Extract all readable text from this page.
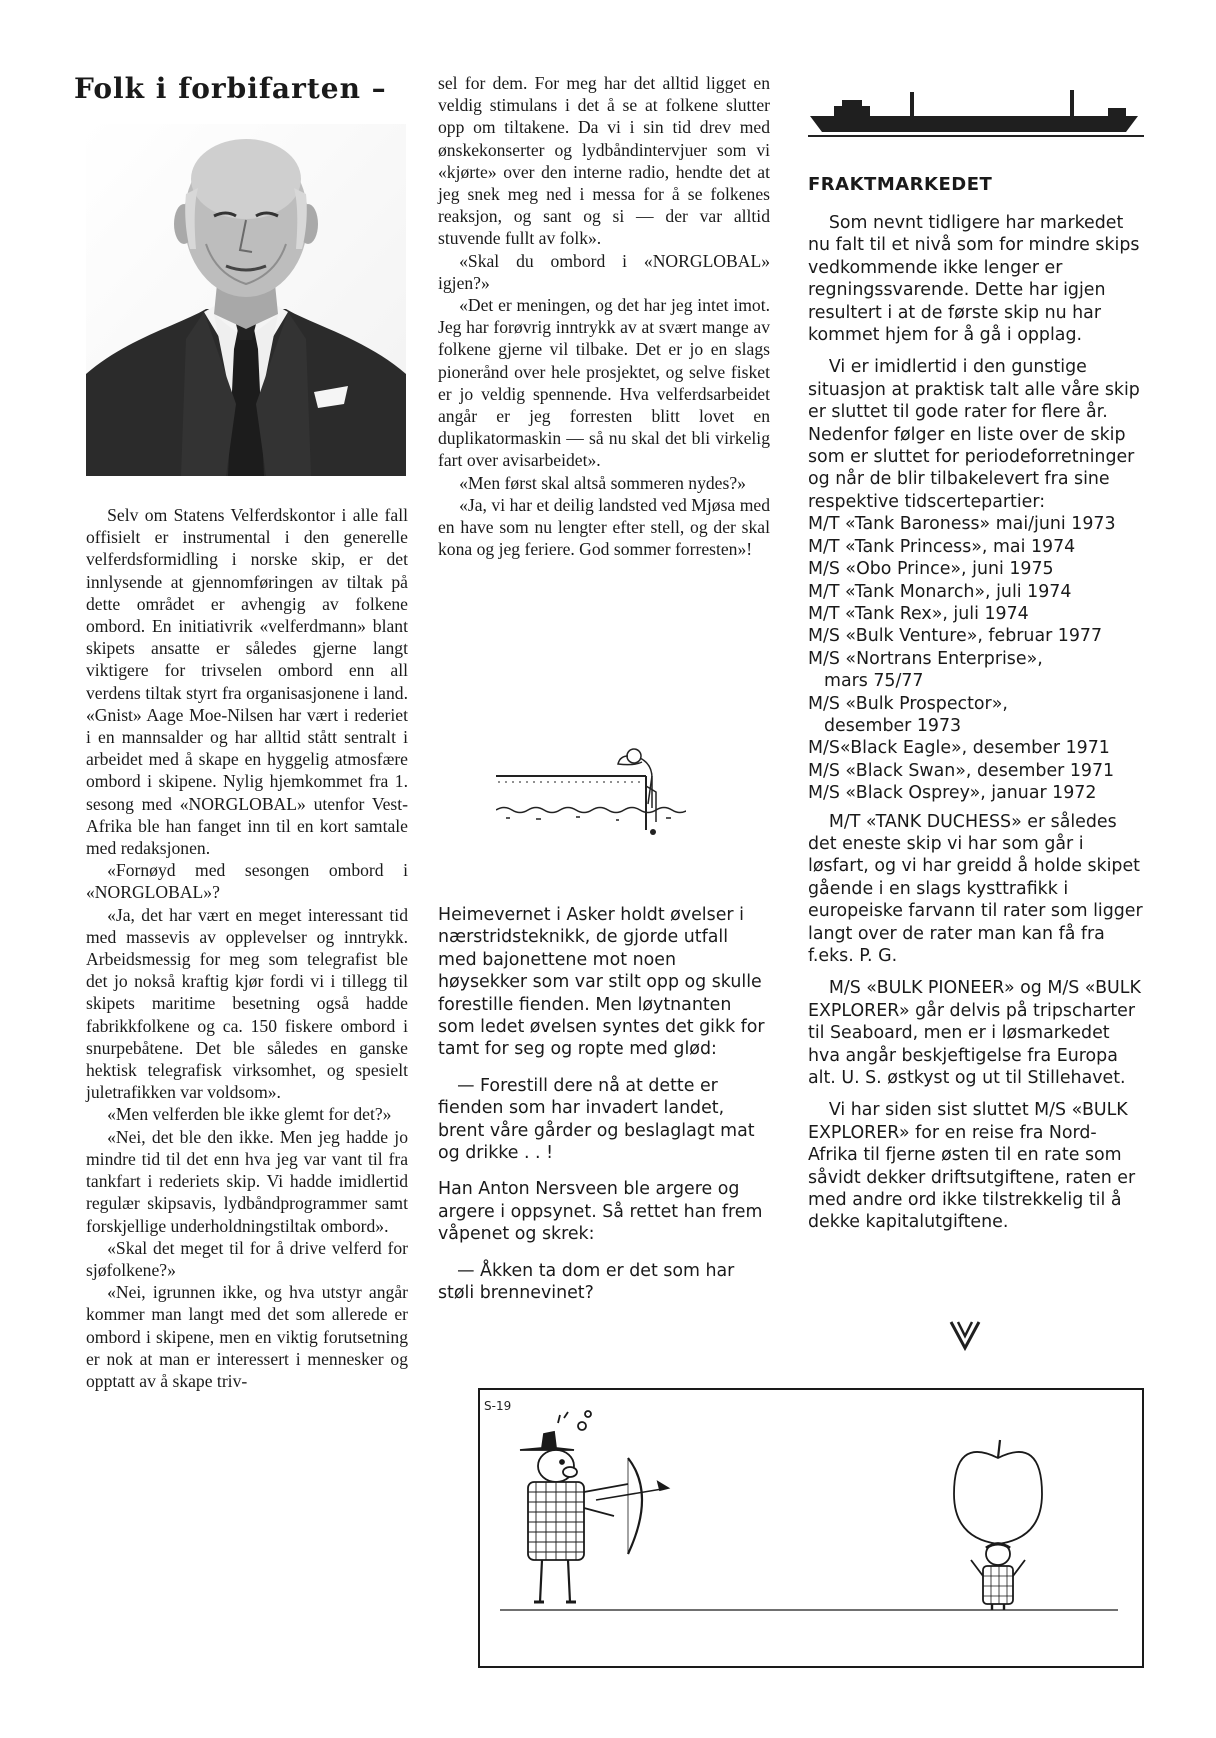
Folk i forbifarten –

Selv om Statens Velferdskontor i alle fall offisielt er instrumental i den generelle velferdsformidling i norske skip, er det innlysende at gjennomføringen av tiltak på dette området er avhengig av folkene ombord. En initiativrik «velferdmann» blant skipets ansatte er således gjerne langt viktigere for trivselen ombord enn all verdens tiltak styrt fra organisasjonene i land. «Gnist» Aage Moe-Nilsen har vært i rederiet i en mannsalder og har alltid stått sentralt i arbeidet med å skape en hyggelig atmosfære ombord i skipene. Nylig hjemkommet fra 1. sesong med «NORGLOBAL» utenfor Vest-Afrika ble han fanget inn til en kort samtale med redaksjonen.

«Fornøyd med sesongen ombord i «NORGLOBAL»?

«Ja, det har vært en meget interessant tid med massevis av opplevelser og inntrykk. Arbeidsmessig for meg som telegrafist ble det jo nokså kraftig kjør fordi vi i tillegg til skipets maritime besetning også hadde fabrikkfolkene og ca. 150 fiskere ombord i snurpebåtene. Det ble således en ganske hektisk telegrafisk virksomhet, og spesielt juletrafikken var voldsom».

«Men velferden ble ikke glemt for det?»

«Nei, det ble den ikke. Men jeg hadde jo mindre tid til det enn hva jeg var vant til fra tankfart i rederiets skip. Vi hadde imidlertid regulær skipsavis, lydbåndprogrammer samt forskjellige underholdningstiltak ombord».

«Skal det meget til for å drive velferd for sjøfolkene?»

«Nei, igrunnen ikke, og hva utstyr angår kommer man langt med det som allerede er ombord i skipene, men en viktig forutsetning er nok at man er interessert i mennesker og opptatt av å skape triv-

sel for dem. For meg har det alltid ligget en veldig stimulans i det å se at folkene slutter opp om tiltakene. Da vi i sin tid drev med ønskekonserter og lydbåndintervjuer som vi «kjørte» over den interne radio, hendte det at jeg snek meg ned i messa for å se folkenes reaksjon, og sant og si — der var alltid stuvende fullt av folk».

«Skal du ombord i «NORGLOBAL» igjen?»

«Det er meningen, og det har jeg intet imot. Jeg har forøvrig inntrykk av at svært mange av folkene gjerne vil tilbake. Det er jo en slags pionerånd over hele prosjektet, og selve fisket er jo veldig spennende. Hva velferdsarbeidet angår er jeg forresten blitt lovet en duplikatormaskin — så nu skal det bli virkelig fart over avisarbeidet».

«Men først skal altså sommeren nydes?»

«Ja, vi har et deilig landsted ved Mjøsa med en have som nu lengter efter stell, og der skal kona og jeg feriere. God sommer forresten»!

Heimevernet i Asker holdt øvelser i nærstridsteknikk, de gjorde utfall med bajonettene mot noen høysekker som var stilt opp og skulle forestille fienden. Men løytnanten som ledet øvelsen syntes det gikk for tamt for seg og ropte med glød:

— Forestill dere nå at dette er fienden som har invadert landet, brent våre gårder og beslaglagt mat og drikke . . !

Han Anton Nersveen ble argere og argere i oppsynet. Så rettet han frem våpenet og skrek:

— Åkken ta dom er det som har støli brennevinet?

FRAKTMARKEDET

Som nevnt tidligere har markedet nu falt til et nivå som for mindre skips vedkommende ikke lenger er regningssvarende. Dette har igjen resultert i at de første skip nu har kommet hjem for å gå i opplag.

Vi er imidlertid i den gunstige situasjon at praktisk talt alle våre skip er sluttet til gode rater for flere år. Nedenfor følger en liste over de skip som er sluttet for periodeforretninger og når de blir tilbakelevert fra sine respektive tidscertepartier:

M/T «Tank Baroness» mai/juni 1973
M/T «Tank Princess», mai 1974
M/S «Obo Prince», juni 1975
M/T «Tank Monarch», juli 1974
M/T «Tank Rex», juli 1974
M/S «Bulk Venture», februar 1977
M/S «Nortrans Enterprise»,
mars 75/77
M/S «Bulk Prospector»,
desember 1973
M/S«Black Eagle», desember 1971
M/S «Black Swan», desember 1971
M/S «Black Osprey», januar 1972

M/T «TANK DUCHESS» er således det eneste skip vi har som går i løsfart, og vi har greidd å holde skipet gående i en slags kysttrafikk i europeiske farvann til rater som ligger langt over de rater man kan få fra f.eks. P. G.

M/S «BULK PIONEER» og M/S «BULK EXPLORER» går delvis på tripscharter til Seaboard, men er i løsmarkedet hva angår beskjeftigelse fra Europa alt. U. S. østkyst og ut til Stillehavet.

Vi har siden sist sluttet M/S «BULK EXPLORER» for en reise fra Nord-Afrika til fjerne østen til en rate som såvidt dekker driftsutgiftene, raten er med andre ord ikke tilstrekkelig til å dekke kapitalutgiftene.

S-19
